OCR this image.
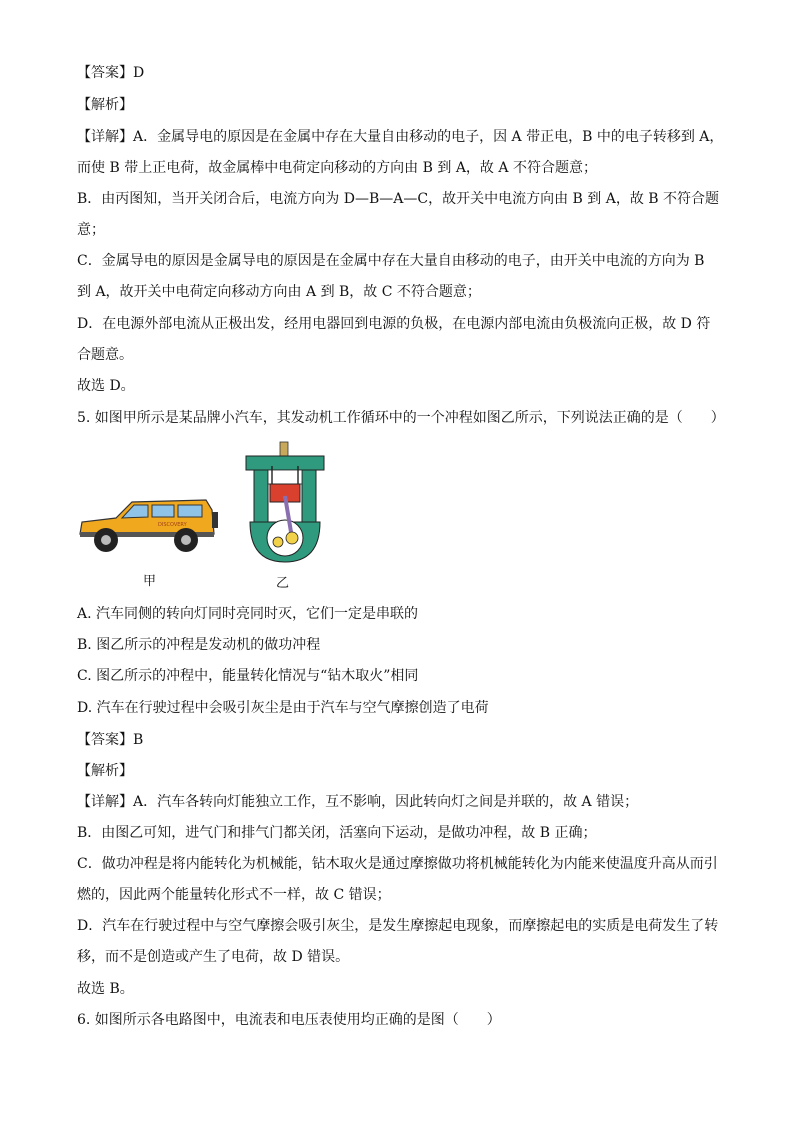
【答案】D
【解析】
【详解】A．金属导电的原因是在金属中存在大量自由移动的电子，因 A 带正电，B 中的电子转移到 A，
而使 B 带上正电荷，故金属棒中电荷定向移动的方向由 B 到 A，故 A 不符合题意；
B．由丙图知，当开关闭合后，电流方向为 D—B—A—C，故开关中电流方向由 B 到 A，故 B 不符合题
意；
C．金属导电的原因是金属导电的原因是在金属中存在大量自由移动的电子，由开关中电流的方向为 B
到 A，故开关中电荷定向移动方向由 A 到 B，故 C 不符合题意；
D．在电源外部电流从正极出发，经用电器回到电源的负极，在电源内部电流由负极流向正极，故 D 符
合题意。
故选 D。
5. 如图甲所示是某品牌小汽车，其发动机工作循环中的一个冲程如图乙所示，下列说法正确的是（　　）
DISCOVERY
甲	乙
A. 汽车同侧的转向灯同时亮同时灭，它们一定是串联的
B. 图乙所示的冲程是发动机的做功冲程
C. 图乙所示的冲程中，能量转化情况与“钻木取火”相同
D. 汽车在行驶过程中会吸引灰尘是由于汽车与空气摩擦创造了电荷
【答案】B
【解析】
【详解】A．汽车各转向灯能独立工作，互不影响，因此转向灯之间是并联的，故 A 错误；
B．由图乙可知，进气门和排气门都关闭，活塞向下运动，是做功冲程，故 B 正确；
C．做功冲程是将内能转化为机械能，钻木取火是通过摩擦做功将机械能转化为内能来使温度升高从而引
燃的，因此两个能量转化形式不一样，故 C 错误；
D．汽车在行驶过程中与空气摩擦会吸引灰尘，是发生摩擦起电现象，而摩擦起电的实质是电荷发生了转
移，而不是创造或产生了电荷，故 D 错误。
故选 B。
6. 如图所示各电路图中，电流表和电压表使用均正确的是图（　　）
